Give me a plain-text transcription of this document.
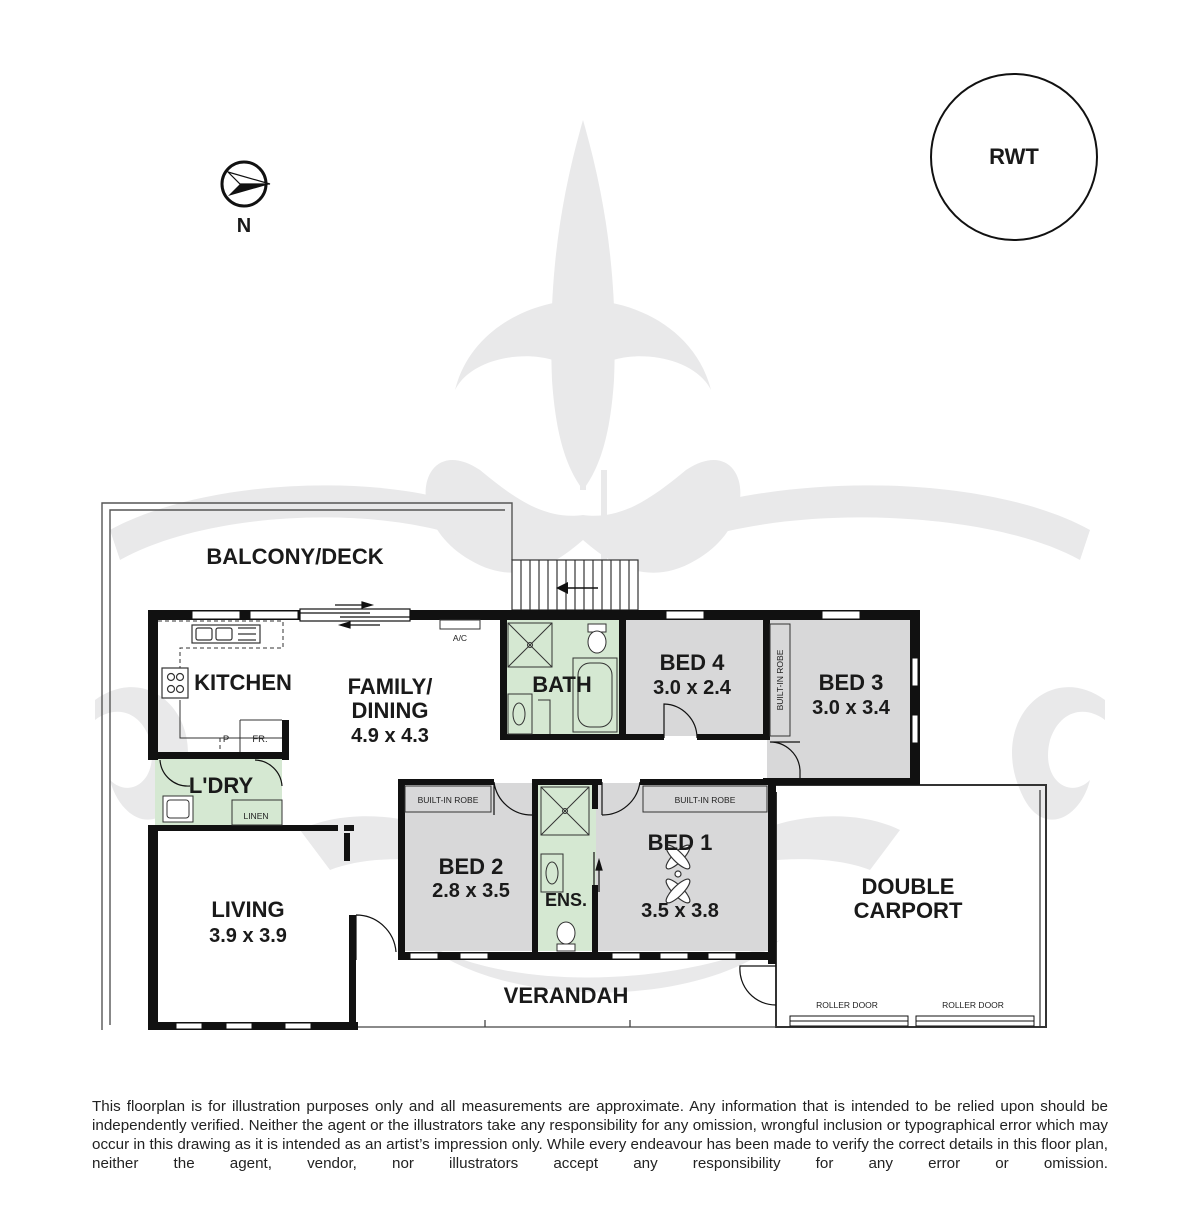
N
RWT
BALCONY/DECK
KITCHEN	FAMILY/
DINING
4.9 x 4.3
BATH
BED 4
3.0 x 2.4	BED 3
3.0 x 3.4
L'DRY
LINEN
LIVING
3.9 x 3.9
BED 2
2.8 x 3.5 ENS.
BED 1
3.5 x 3.8
DOUBLE
CARPORT
VERANDAH
A/C
P FR.
BUILT-IN ROBE
BUILT-IN ROBE	BUILT-IN ROBE
ROLLER DOOR	ROLLER DOOR

This floorplan is for illustration purposes only and all measurements are approximate. Any information that is intended to be relied upon should be independently verified. Neither the agent or the illustrators take any responsibility for any omission, wrongful inclusion or typographical error which may occur in this drawing as it is intended as an artist’s impression only. While every endeavour has been made to verify the correct details in this floor plan, neither the agent, vendor, nor illustrators accept any responsibility for any error or omission.
